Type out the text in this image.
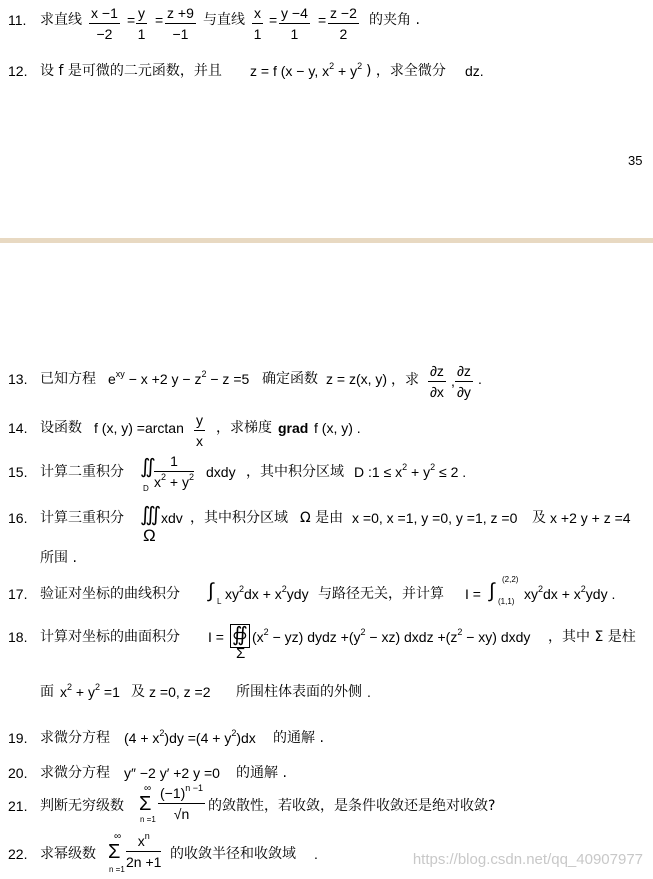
11. 求直线 $\frac{x -1}{-2} = \frac{y}{1} = \frac{z +9}{-1}$ 与直线 $\frac{x}{1} = \frac{y -4}{1} = \frac{z -2}{2}$ 的夹角 .
12. 设 f 是可微的二元函数，并且 z = f (x − y, $x^2 + y^2$ ) ，求全微分 dz.
35
13. 已知方程 $e^{xy} - x +2$ $y - z^2 - z =5$ 确定函数 z = z(x, y) ，求 $\frac{\partial z}{\partial x}$ , $\frac{\partial z}{\partial y}$ .
14. 设函数 f (x, $y) =\arctan \frac{y}{x}$ ，求梯度 grad f (x, y) .
15. 计算二重积分 ∬
D $\frac{1}{x^2 + y^2}$ dxdy ，其中积分区域 D :1 ≤ $x^2 + y^2 \le 2$ .
16. 计算三重积分 ∭
Ω
xdv ，其中积分区域 Ω 是由 x =0, x =1, y =0, y =1, z =0 及 x +2 y + z =4
所围 .
17. 验证对坐标的曲线积分 ∫ L $xy^2dx + x^2ydy$ 与路径无关，并计算 I = ∫
(2,2)
(1,1) $xy^2dx + x^2ydy$ .
18. 计算对坐标的曲面积分 I = ∯
Σ
$(x^2 - yz)$ dydz $+(y^2 - xz)$ dxdz $+(z^2 - xy)$ dxdy ，其中 Σ 是柱
面 $x^2 + y^2 =1$ 及 z =0, z =2 所围柱体表面的外侧 .
19. 求微分方程 $(4 + x^2)dy =(4 + y^2)dx$ 的通解 .
20. 求微分方程 y″ −2 y′ +2 y =0 的通解 .
21. 判断无穷级数
∞
Σ
$n =1 \frac{(-1)^{n -1}}{√n}$ 的敛散性，若收敛，是条件收敛还是绝对收敛?
22. 求幂级数
∞
Σ
n =1
$\frac{x^n}{2n +1}$ 的收敛半径和收敛域 .	https://blog.csdn.net/qq_40907977
